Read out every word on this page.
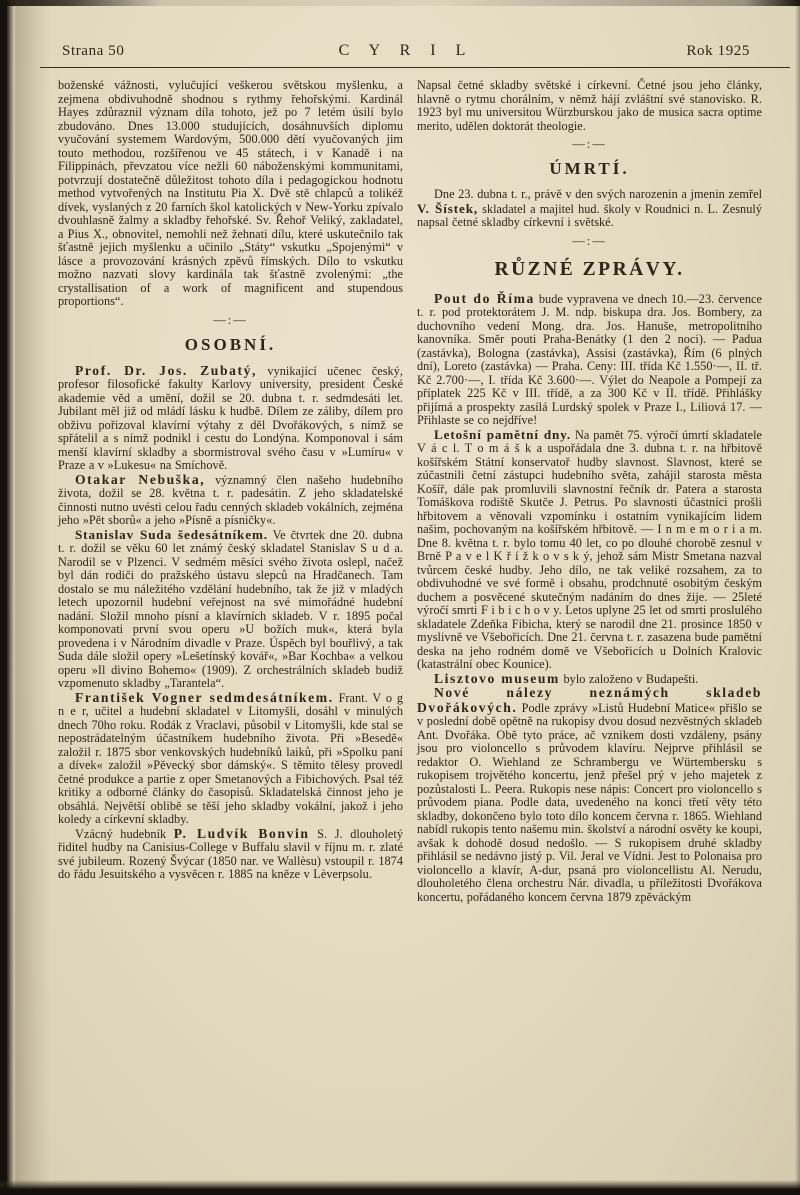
Strana 50	C Y R I L	Rok 1925

boženské vážnosti, vylučující veškerou světskou myšlenku, a zejmena obdivuhodně shodnou s rythmy řehořskými. Kardinál Hayes zdůraznil význam díla tohoto, jež po 7 letém úsilí bylo zbudováno. Dnes 13.000 studujících, dosáhnuvších diplomu vyučování systemem Wardovým, 500.000 dětí vyučovaných jim touto methodou, rozšířenou ve 45 státech, i v Kanadě i na Filippinách, převzatou více nežli 60 náboženskými kommunitami, potvrzují dostatečně důležitost tohoto díla i pedagogickou hodnotu method vytvořených na Institutu Pia X. Dvě stě chlapců a tolikéž dívek, vyslaných z 20 farních škol katolických v New-Yorku zpívalo dvouhlasně žalmy a skladby řehořské. Sv. Řehoř Veliký, zakladatel, a Pius X., obnovitel, nemohli než žehnati dílu, které uskutečnilo tak šťastně jejich myšlenku a učinilo „Státy“ vskutku „Spojenými“ v lásce a provozování krásných zpěvů římských. Dílo to vskutku možno nazvati slovy kardinála tak šťastně zvolenými: „the crystallisation of a work of magnificent and stupendous proportions“.

—:—
OSOBNÍ.

Prof. Dr. Jos. Zubatý, vynikající učenec český, profesor filosofické fakulty Karlovy university, president České akademie věd a umění, dožil se 20. dubna t. r. sedmdesáti let. Jubilant měl již od mládí lásku k hudbě. Dílem ze záliby, dílem pro obživu pořizoval klavírní výtahy z děl Dvořákových, s nímž se spřátelil a s nímž podnikl i cestu do Londýna. Komponoval i sám menší klavírní skladby a sbormistroval svého času v »Lumíru« v Praze a v »Lukesu« na Smíchově.

Otakar Nebuška, významný člen našeho hudebního života, dožil se 28. května t. r. padesátin. Z jeho skladatelské činnosti nutno uvésti celou řadu cenných skladeb vokálních, zejména jeho »Pět sborů« a jeho »Písně a písničky«.

Stanislav Suda šedesátníkem. Ve čtvrtek dne 20. dubna t. r. dožil se věku 60 let známý český skladatel Stanislav S u d a. Narodil se v Plzenci. V sedmém měsíci svého života oslepl, načež byl dán rodiči do pražského ústavu slepců na Hradčanech. Tam dostalo se mu náležitého vzdělání hudebního, tak že již v mladých letech upozornil hudební veřejnost na své mimořádné hudební nadání. Složil mnoho písní a klavírních skladeb. V r. 1895 počal komponovati první svou operu »U božích muk«, která byla provedena i v Národním divadle v Praze. Úspěch byl bouřlivý, a tak Suda dále složil opery »Lešetínský kovář«, »Bar Kochba« a velkou operu »Il divino Bohemo« (1909). Z orchestrálních skladeb budiž vzpomenuto skladby „Tarantela“.

František Vogner sedmdesátníkem. Frant. V o g n e r, učitel a hudební skladatel v Litomyšli, dosáhl v minulých dnech 70ho roku. Rodák z Vraclavi, působil v Litomyšli, kde stal se nepostrádatelným účastníkem hudebního života. Při »Besedě« založil r. 1875 sbor venkovských hudebníků laiků, při »Spolku paní a dívek« založil »Pěvecký sbor dámský«. S těmito tělesy provedl četné produkce a partie z oper Smetanových a Fibichových. Psal též kritiky a odborné články do časopisů. Skladatelská činnost jeho je obsáhlá. Největší oblibě se těší jeho skladby vokální, jakož i jeho koledy a církevní skladby.

Vzácný hudebník P. Ludvík Bonvin S. J. dlouholetý řiditel hudby na Canisius-College v Buffalu slavil v říjnu m. r. zlaté své jubileum. Rozený Švýcar (1850 nar. ve Wallèsu) vstoupil r. 1874 do řádu Jesuitského a vysvěcen r. 1885 na kněze v Lèverpsolu.

Napsal četné skladby světské i církevní. Četné jsou jeho články, hlavně o rytmu chorálním, v němž hájí zvláštní své stanovisko. R. 1923 byl mu universitou Würzburskou jako de musica sacra optime merito, udělen doktorát theologie.

—:—
ÚMRTÍ.

Dne 23. dubna t. r., právě v den svých narozenin a jmenin zemřel V. Šístek, skladatel a majitel hud. školy v Roudnici n. L. Zesnulý napsal četné skladby církevní i světské.

—:—
RŮZNÉ ZPRÁVY.

Pout do Říma bude vypravena ve dnech 10.—23. července t. r. pod protektorátem J. M. ndp. biskupa dra. Jos. Bombery, za duchovního vedení Mong. dra. Jos. Hanuše, metropolitního kanovníka. Směr pouti Praha-Benátky (1 den 2 noci). — Padua (zastávka), Bologna (zastávka), Assisi (zastávka), Řím (6 plných dní), Loreto (zastávka) — Praha. Ceny: III. třída Kč 1.550·—, II. tř. Kč 2.700·—, I. třída Kč 3.600·—. Výlet do Neapole a Pompejí za příplatek 225 Kč v III. třídě, a za 300 Kč v II. třídě. Přihlášky přijímá a prospekty zasílá Lurdský spolek v Praze I., Liliová 17. — Přihlaste se co nejdříve!

Letošní pamětní dny. Na pamět 75. výročí úmrtí skladatele V á c l. T o m á š k a uspořádala dne 3. dubna t. r. na hřbitově košířském Státní konservatoř hudby slavnost. Slavnost, které se zúčastnili četní zástupci hudebního světa, zahájil starosta města Košíř, dále pak promluvili slavnostní řečník dr. Patera a starosta Tomáškova rodiště Skutče J. Petrus. Po slavnosti účastníci prošli hřbitovem a věnovali vzpomínku i ostatním vynikajícím lidem našim, pochovaným na košířském hřbitově. — I n m e m o r i a m. Dne 8. května t. r. bylo tomu 40 let, co po dlouhé chorobě zesnul v Brně P a v e l K ř í ž k o v s k ý, jehož sám Mistr Smetana nazval tvůrcem české hudby. Jeho dílo, ne tak veliké rozsahem, za to obdivuhodné ve své formě i obsahu, prodchnuté osobitým českým duchem a posvěcené skutečným nadáním do dnes žije. — 25leté výročí smrti F i b i c h o v y. Letos uplyne 25 let od smrti proslulého skladatele Zdeňka Fibicha, který se narodil dne 21. prosince 1850 v myslivně ve Všebořicích. Dne 21. června t. r. zasazena bude pamětní deska na jeho rodném domě ve Všebořicích u Dolních Kralovic (katastrální obec Kounice).

Lisztovo museum bylo založeno v Budapešti.

Nové nálezy neznámých skladeb Dvořákových. Podle zprávy »Listů Hudební Matice« přišlo se v poslední době opětně na rukopisy dvou dosud nezvěstných skladeb Ant. Dvořáka. Obě tyto práce, ač vznikem dosti vzdáleny, psány jsou pro violoncello s průvodem klavíru. Nejprve přihlásil se redaktor O. Wiehland ze Schrambergu ve Würtembersku s rukopisem trojvětého koncertu, jenž přešel prý v jeho majetek z pozůstalosti L. Peera. Rukopis nese nápis: Concert pro violoncello s průvodem piana. Podle data, uvedeného na konci třetí věty této skladby, dokončeno bylo toto dílo koncem června r. 1865. Wiehland nabídl rukopis tento našemu min. školství a národní osvěty ke koupi, avšak k dohodě dosud nedošlo. — S rukopisem druhé skladby přihlásil se nedávno jistý p. Vil. Jeral ve Vídni. Jest to Polonaisa pro violoncello a klavír, A-dur, psaná pro violoncellistu Al. Nerudu, dlouholetého člena orchestru Nár. divadla, u příležitosti Dvořákova koncertu, pořádaného koncem června 1879 zpěváckým
